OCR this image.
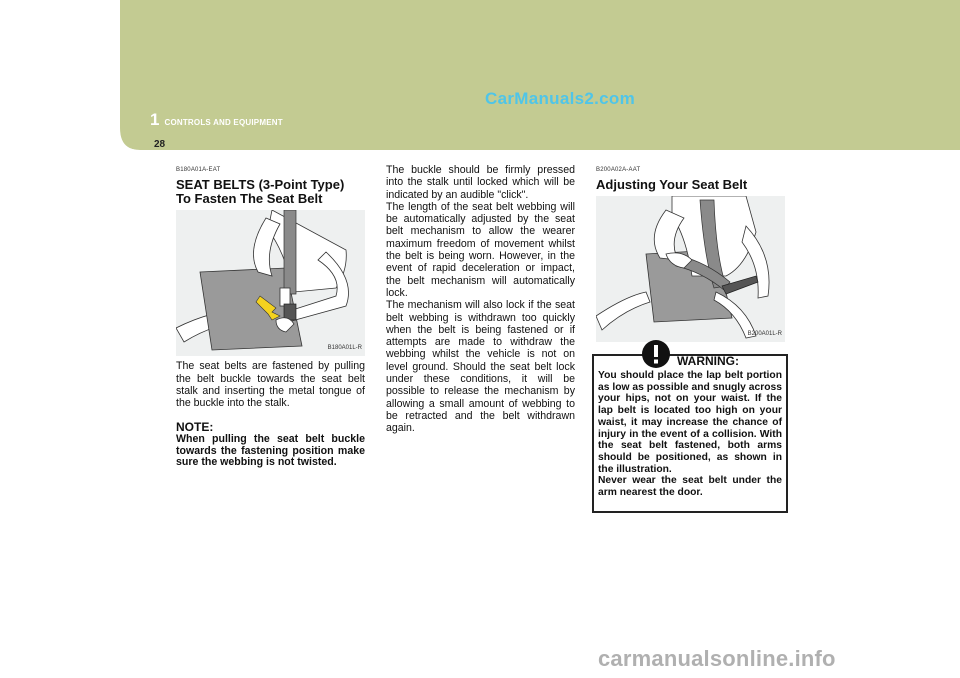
1 CONTROLS AND EQUIPMENT
CarManuals2.com
28
B180A01A-EAT
SEAT BELTS (3-Point Type)
To Fasten The Seat Belt
B180A01L-R
The seat belts are fastened by pulling the belt buckle towards the seat belt stalk and inserting the metal tongue of the buckle into the stalk.
NOTE:
When pulling the seat belt buckle towards the fastening position make sure the webbing is not twisted.
The buckle should be firmly pressed into the stalk until locked which will be indicated by an audible "click".
The length of the seat belt webbing will be automatically adjusted by the seat belt mechanism to allow the wearer maximum freedom of movement whilst the belt is being worn. However, in the event of rapid deceleration or impact, the belt mechanism will automatically lock.
The mechanism will also lock if the seat belt webbing is withdrawn too quickly when the belt is being fastened or if attempts are made to withdraw the webbing whilst the vehicle is not on level ground. Should the seat belt lock under these conditions, it will be possible to release the mechanism by allowing a small amount of webbing to be retracted and the belt withdrawn again.
B200A02A-AAT
Adjusting Your Seat Belt
B200A01L-R
WARNING:
You should place the lap belt portion as low as possible and snugly across your hips, not on your waist. If the lap belt is located too high on your waist, it may increase the chance of injury in the event of a collision. With the seat belt fastened, both arms should be positioned, as shown in the illustration.
Never wear the seat belt under the arm nearest the door.
carmanualsonline.info
